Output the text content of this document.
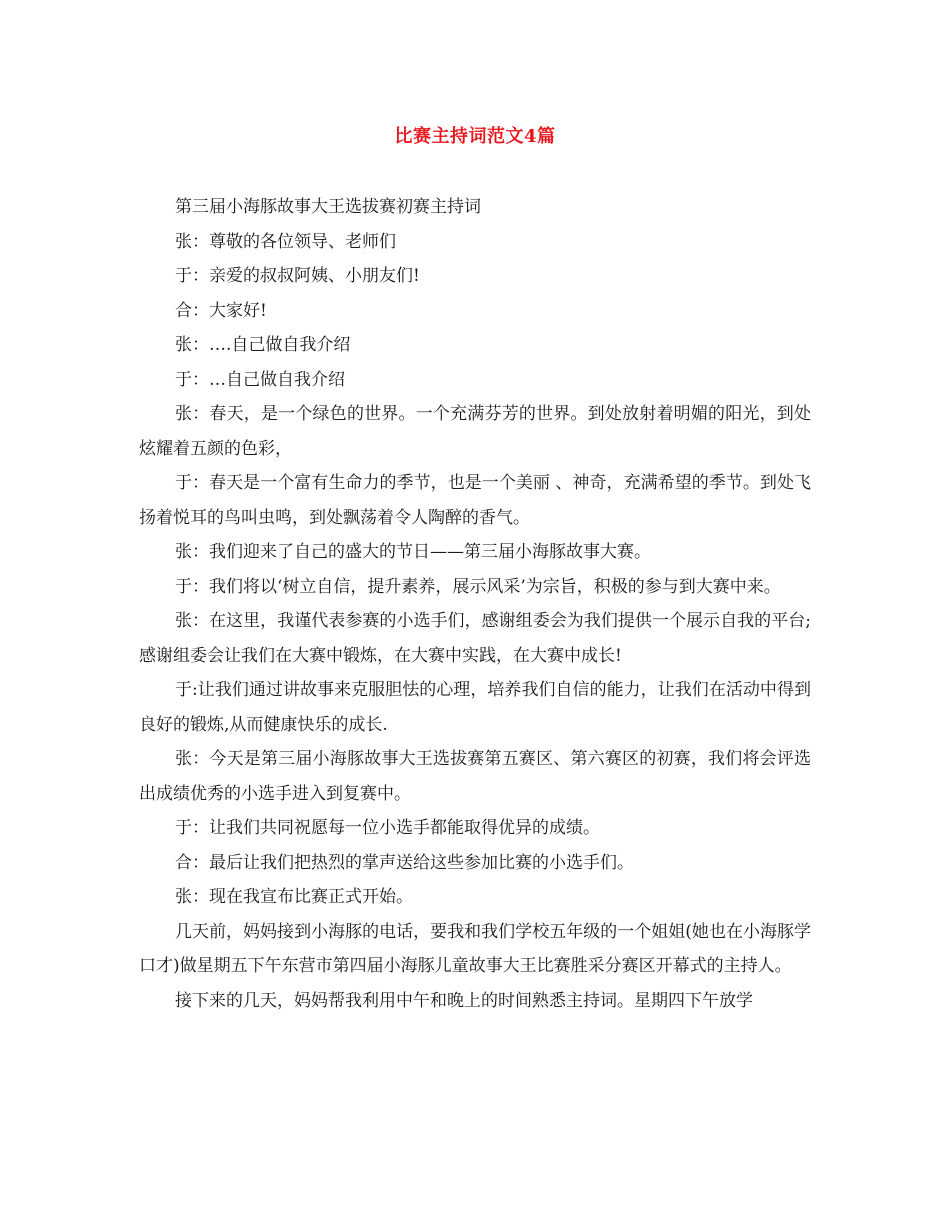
比赛主持词范文4篇

第三届小海豚故事大王选拔赛初赛主持词

张：尊敬的各位领导、老师们

于：亲爱的叔叔阿姨、小朋友们!

合：大家好!

张：….自己做自我介绍

于：…自己做自我介绍

张：春天，是一个绿色的世界。一个充满芬芳的世界。到处放射着明媚的阳光，到处炫耀着五颜的色彩，

于：春天是一个富有生命力的季节，也是一个美丽 、神奇，充满希望的季节。到处飞扬着悦耳的鸟叫虫鸣，到处飘荡着令人陶醉的香气。

张：我们迎来了自己的盛大的节日——第三届小海豚故事大赛。

于：我们将以‘树立自信，提升素养，展示风采’为宗旨，积极的参与到大赛中来。

张：在这里，我谨代表参赛的小选手们，感谢组委会为我们提供一个展示自我的平台;感谢组委会让我们在大赛中锻炼，在大赛中实践，在大赛中成长!

于:让我们通过讲故事来克服胆怯的心理，培养我们自信的能力，让我们在活动中得到良好的锻炼,从而健康快乐的成长.

张：今天是第三届小海豚故事大王选拔赛第五赛区、第六赛区的初赛，我们将会评选出成绩优秀的小选手进入到复赛中。

于：让我们共同祝愿每一位小选手都能取得优异的成绩。

合：最后让我们把热烈的掌声送给这些参加比赛的小选手们。

张：现在我宣布比赛正式开始。

几天前，妈妈接到小海豚的电话，要我和我们学校五年级的一个姐姐(她也在小海豚学口才)做星期五下午东营市第四届小海豚儿童故事大王比赛胜采分赛区开幕式的主持人。

接下来的几天，妈妈帮我利用中午和晚上的时间熟悉主持词。星期四下午放学
